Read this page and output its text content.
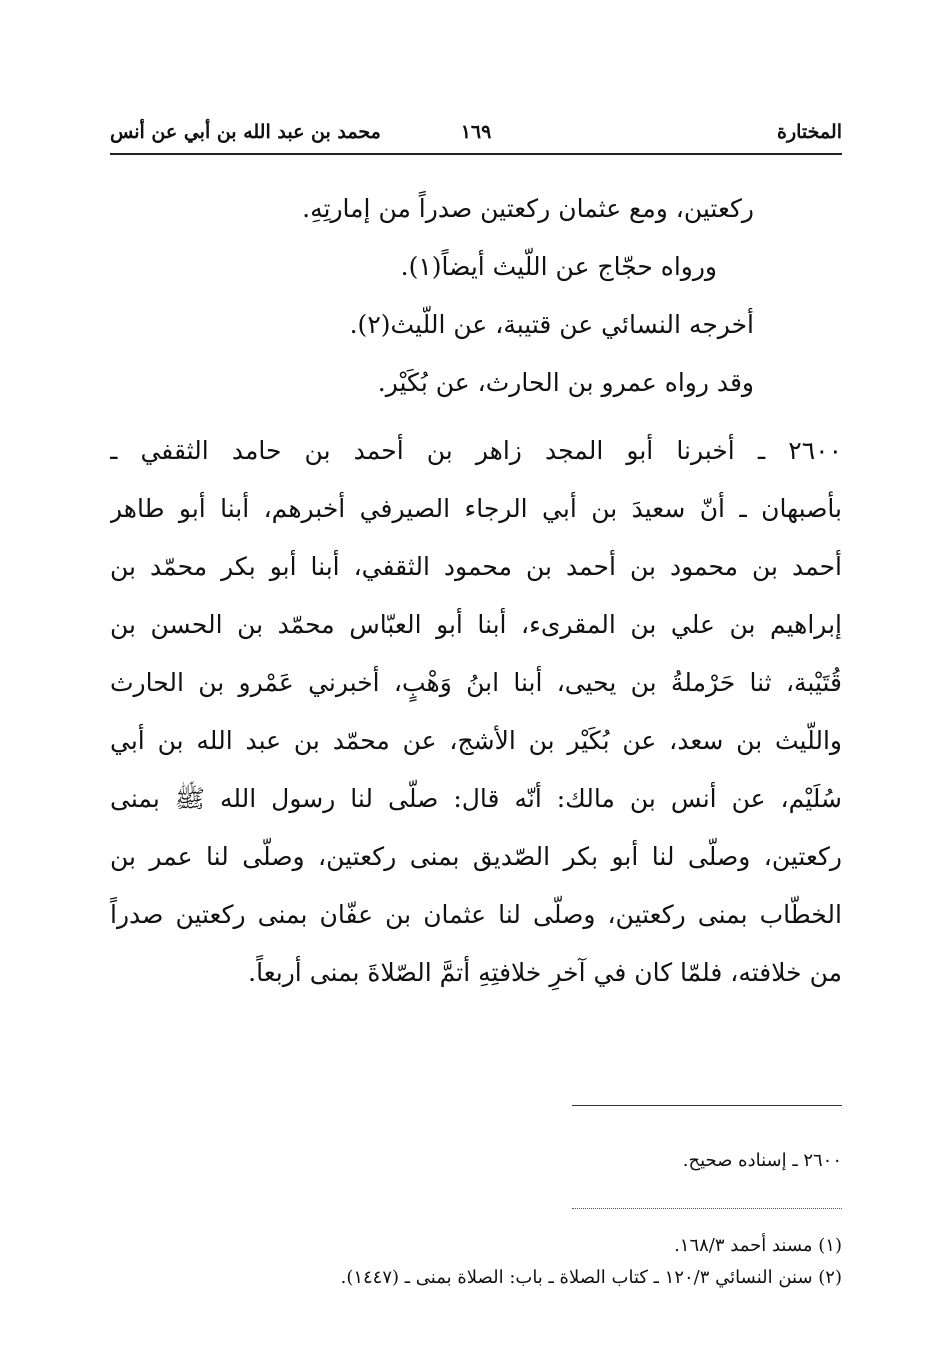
المختارة
١٦٩
محمد بن عبد الله بن أبي عن أنس
ركعتين، ومع عثمان ركعتين صدراً من إمارتِهِ.
ورواه حجّاج عن اللّيث أيضاً(١).
أخرجه النسائي عن قتيبة، عن اللّيث(٢).
وقد رواه عمرو بن الحارث، عن بُكَيْر.
٢٦٠٠ ـ أخبرنا أبو المجد زاهر بن أحمد بن حامد الثقفي ـ
بأصبهان ـ أنّ سعيدَ بن أبي الرجاء الصيرفي أخبرهم، أبنا أبو طاهر
أحمد بن محمود بن أحمد بن محمود الثقفي، أبنا أبو بكر محمّد بن
إبراهيم بن علي بن المقرىء، أبنا أبو العبّاس محمّد بن الحسن بن
قُتَيْبة، ثنا حَرْملةُ بن يحيى، أبنا ابنُ وَهْبٍ، أخبرني عَمْرو بن الحارث
واللّيث بن سعد، عن بُكَيْر بن الأشج، عن محمّد بن عبد الله بن أبي
سُلَيْم، عن أنس بن مالك: أنّه قال: صلّى لنا رسول الله ﷺ بمنى
ركعتين، وصلّى لنا أبو بكر الصّديق بمنى ركعتين، وصلّى لنا عمر بن
الخطّاب بمنى ركعتين، وصلّى لنا عثمان بن عفّان بمنى ركعتين صدراً
من خلافته، فلمّا كان في آخرِ خلافتِهِ أتمَّ الصّلاةَ بمنى أربعاً.
٢٦٠٠ ـ إسناده صحيح.
(١) مسند أحمد ١٦٨/٣.
(٢) سنن النسائي ١٢٠/٣ ـ كتاب الصلاة ـ باب: الصلاة بمنى ـ (١٤٤٧).
